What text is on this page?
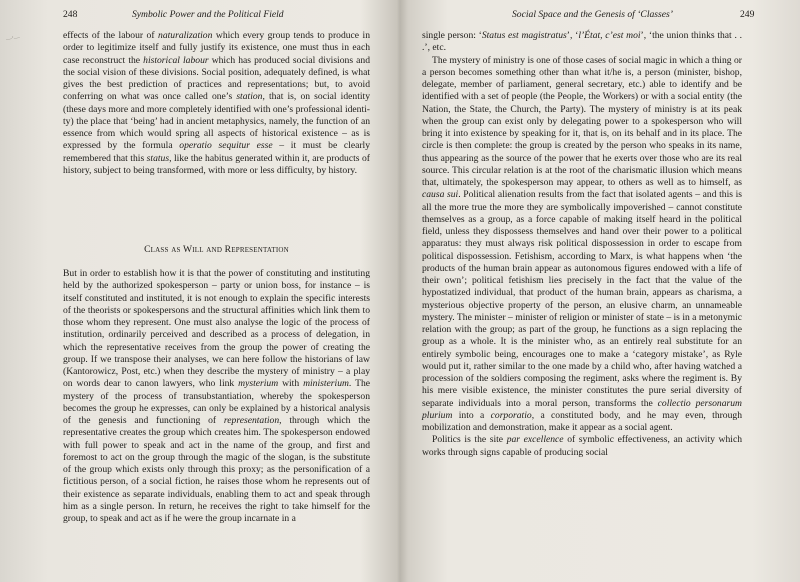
—‘—
248	Symbolic Power and the Political Field

effects of the labour of naturalization which every group tends to produce in order to legitimize itself and fully justify its existence, one must thus in each case reconstruct the historical labour which has produced social divisions and the social vision of these divisions. Social position, adequately defined, is what gives the best prediction of practices and representations; but, to avoid conferring on what was once called one’s station, that is, on social identity (these days more and more completely identified with one’s professional identity) the place that ‘being’ had in ancient metaphysics, namely, the function of an essence from which would spring all aspects of historical existence – as is expressed by the formula operatio sequitur esse – it must be clearly remembered that this status, like the habitus generated within it, are products of history, subject to being transformed, with more or less difficulty, by history.

Class as Will and Representation

But in order to establish how it is that the power of constituting and instituting held by the authorized spokesperson – party or union boss, for instance – is itself constituted and instituted, it is not enough to explain the specific interests of the theorists or spokespersons and the structural affinities which link them to those whom they represent. One must also analyse the logic of the process of institution, ordinarily perceived and described as a process of delegation, in which the representative receives from the group the power of creating the group. If we transpose their analyses, we can here follow the historians of law (Kantorowicz, Post, etc.) when they describe the mystery of ministry – a play on words dear to canon lawyers, who link mysterium with ministerium. The mystery of the process of transubstantiation, whereby the spokesperson becomes the group he expresses, can only be explained by a historical analysis of the genesis and functioning of representation, through which the representative creates the group which creates him. The spokesperson endowed with full power to speak and act in the name of the group, and first and foremost to act on the group through the magic of the slogan, is the substitute of the group which exists only through this proxy; as the personification of a fictitious person, of a social fiction, he raises those whom he represents out of their existence as separate individuals, enabling them to act and speak through him as a single person. In return, he receives the right to take himself for the group, to speak and act as if he were the group incarnate in a

Social Space and the Genesis of ‘Classes’	249

single person: ‘Status est magistratus’, ‘l’État, c’est moi’, ‘the union thinks that . . .’, etc.

The mystery of ministry is one of those cases of social magic in which a thing or a person becomes something other than what it/he is, a person (minister, bishop, delegate, member of parliament, general secretary, etc.) able to identify and be identified with a set of people (the People, the Workers) or with a social entity (the Nation, the State, the Church, the Party). The mystery of ministry is at its peak when the group can exist only by delegating power to a spokesperson who will bring it into existence by speaking for it, that is, on its behalf and in its place. The circle is then complete: the group is created by the person who speaks in its name, thus appearing as the source of the power that he exerts over those who are its real source. This circular relation is at the root of the charismatic illusion which means that, ultimately, the spokesperson may appear, to others as well as to himself, as causa sui. Political alienation results from the fact that isolated agents – and this is all the more true the more they are symbolically impoverished – cannot constitute themselves as a group, as a force capable of making itself heard in the political field, unless they dispossess themselves and hand over their power to a political apparatus: they must always risk political dispossession in order to escape from political dispossession. Fetishism, according to Marx, is what happens when ‘the products of the human brain appear as autonomous figures endowed with a life of their own’; political fetishism lies precisely in the fact that the value of the hypostatized individual, that product of the human brain, appears as charisma, a mysterious objective property of the person, an elusive charm, an unnameable mystery. The minister – minister of religion or minister of state – is in a metonymic relation with the group; as part of the group, he functions as a sign replacing the group as a whole. It is the minister who, as an entirely real substitute for an entirely symbolic being, encourages one to make a ‘category mistake’, as Ryle would put it, rather similar to the one made by a child who, after having watched a procession of the soldiers composing the regiment, asks where the regiment is. By his mere visible existence, the minister constitutes the pure serial diversity of separate individuals into a moral person, transforms the collectio personarum plurium into a corporatio, a constituted body, and he may even, through mobilization and demonstration, make it appear as a social agent.

Politics is the site par excellence of symbolic effectiveness, an activity which works through signs capable of producing social
